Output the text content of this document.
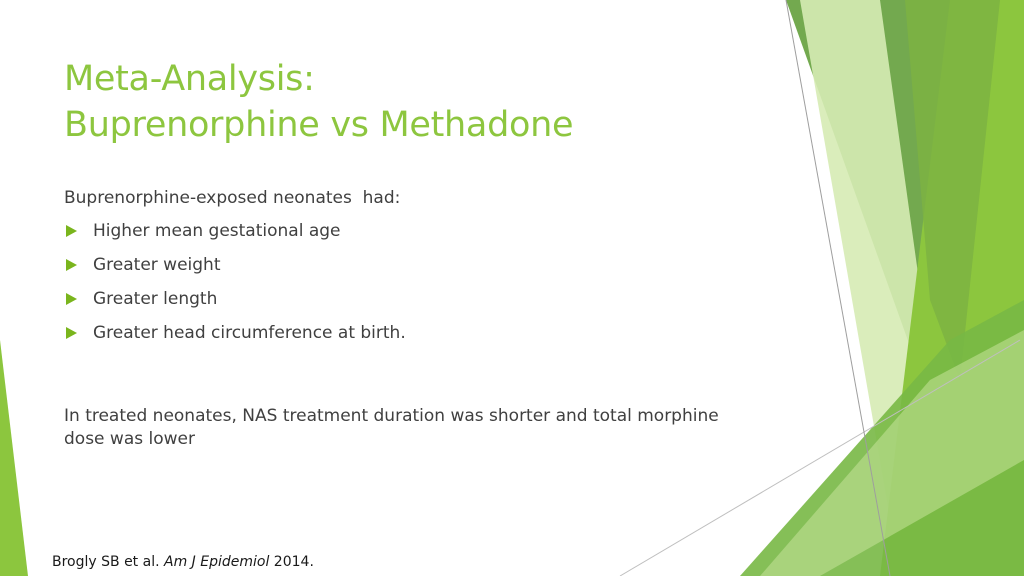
Meta-Analysis:
Buprenorphine vs Methadone
Buprenorphine-exposed neonates  had:
Higher mean gestational age
Greater weight
Greater length
Greater head circumference at birth.

In treated neonates, NAS treatment duration was shorter and total morphine dose was lower

Brogly SB et al. Am J Epidemiol 2014.
